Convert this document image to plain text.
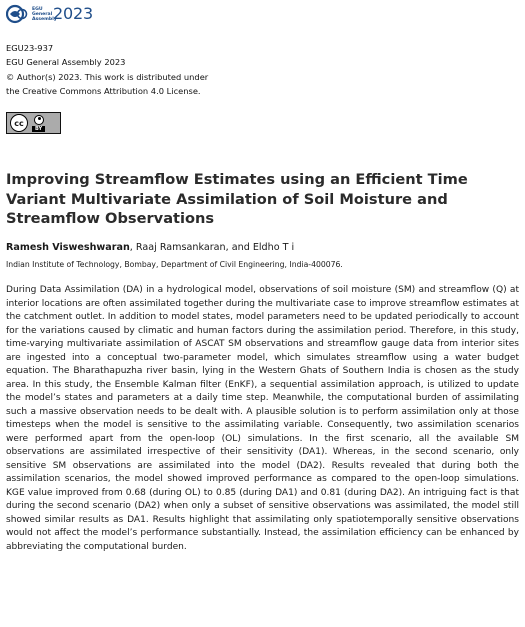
EGU General
Assembly
2023
EGU23-937
EGU General Assembly 2023
© Author(s) 2023. This work is distributed under
the Creative Commons Attribution 4.0 License.
cc
BY
Improving Streamflow Estimates using an Efficient Time Variant Multivariate Assimilation of Soil Moisture and Streamflow Observations
Ramesh Visweshwaran, Raaj Ramsankaran, and Eldho T i
Indian Institute of Technology, Bombay, Department of Civil Engineering, India-400076.

During Data Assimilation (DA) in a hydrological model, observations of soil moisture (SM) and streamflow (Q) at interior locations are often assimilated together during the multivariate case to improve streamflow estimates at the catchment outlet. In addition to model states, model parameters need to be updated periodically to account for the variations caused by climatic and human factors during the assimilation period. Therefore, in this study, time-varying multivariate assimilation of ASCAT SM observations and streamflow gauge data from interior sites are ingested into a conceptual two-parameter model, which simulates streamflow using a water budget equation. The Bharathapuzha river basin, lying in the Western Ghats of Southern India is chosen as the study area. In this study, the Ensemble Kalman filter (EnKF), a sequential assimilation approach, is utilized to update the model’s states and parameters at a daily time step. Meanwhile, the computational burden of assimilating such a massive observation needs to be dealt with. A plausible solution is to perform assimilation only at those timesteps when the model is sensitive to the assimilating variable. Consequently, two assimilation scenarios were performed apart from the open-loop (OL) simulations. In the first scenario, all the available SM observations are assimilated irrespective of their sensitivity (DA1). Whereas, in the second scenario, only sensitive SM observations are assimilated into the model (DA2). Results revealed that during both the assimilation scenarios, the model showed improved performance as compared to the open-loop simulations. KGE value improved from 0.68 (during OL) to 0.85 (during DA1) and 0.81 (during DA2). An intriguing fact is that during the second scenario (DA2) when only a subset of sensitive observations was assimilated, the model still showed similar results as DA1. Results highlight that assimilating only spatiotemporally sensitive observations would not affect the model’s performance substantially. Instead, the assimilation efficiency can be enhanced by abbreviating the computational burden.
